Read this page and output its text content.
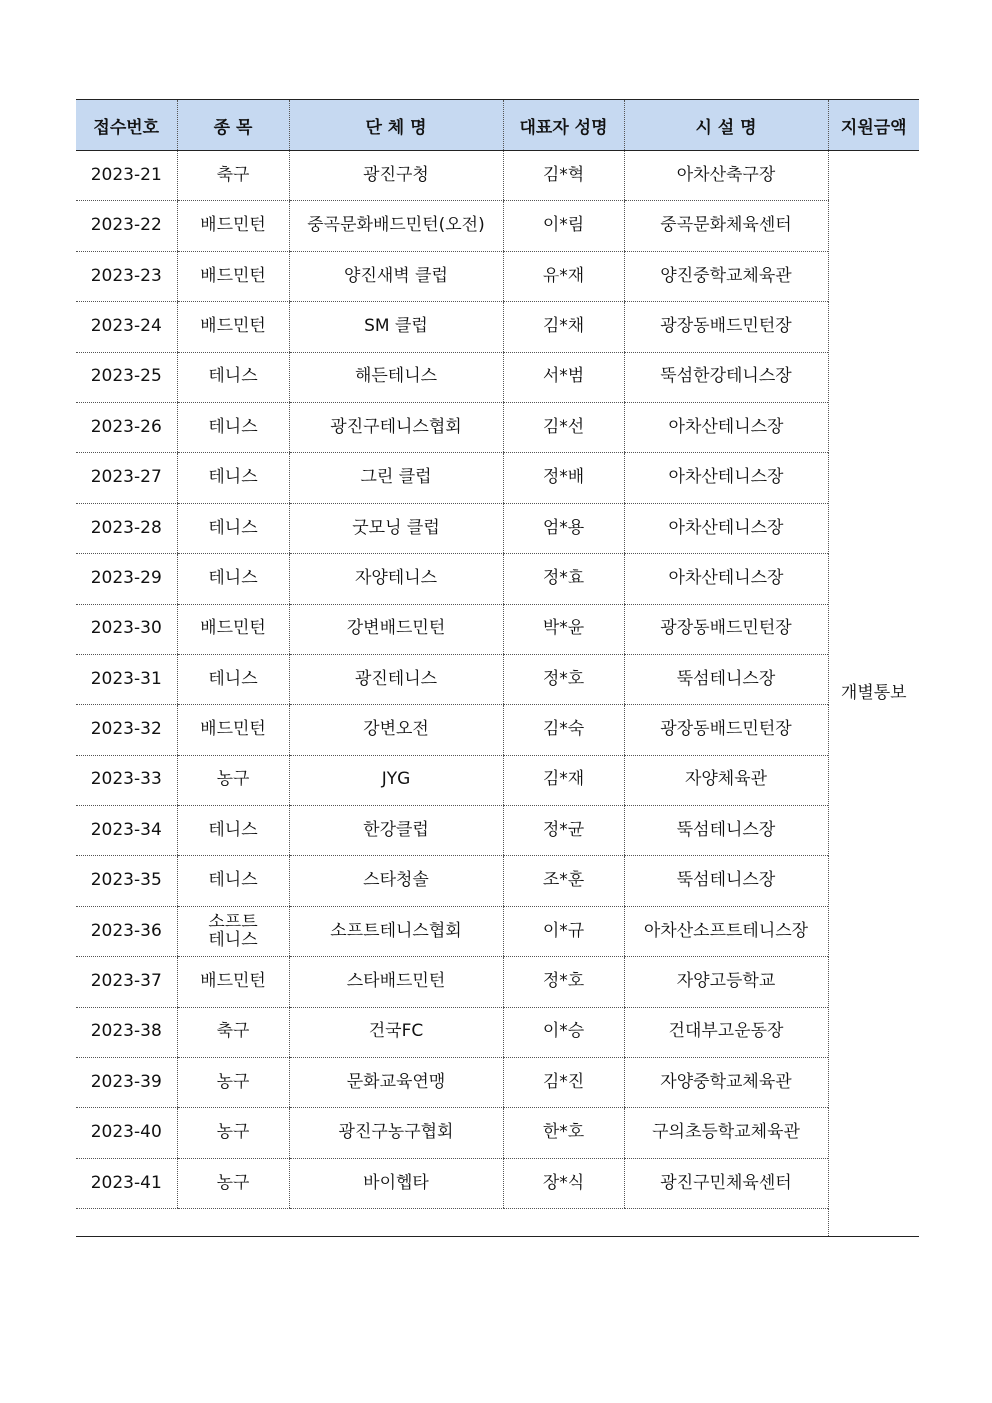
접수번호	종 목	단 체 명	대표자 성명	시 설 명	지원금액
2023-21	축구	광진구청	김*혁	아차산축구장	개별통보
2023-22	배드민턴	중곡문화배드민턴(오전)	이*림	중곡문화체육센터	
2023-23	배드민턴	양진새벽 클럽	유*재	양진중학교체육관	
2023-24	배드민턴	SM 클럽	김*채	광장동배드민턴장	
2023-25	테니스	해든테니스	서*범	뚝섬한강테니스장	
2023-26	테니스	광진구테니스협회	김*선	아차산테니스장	
2023-27	테니스	그린 클럽	정*배	아차산테니스장	
2023-28	테니스	굿모닝 클럽	엄*용	아차산테니스장	
2023-29	테니스	자양테니스	정*효	아차산테니스장	
2023-30	배드민턴	강변배드민턴	박*윤	광장동배드민턴장	
2023-31	테니스	광진테니스	정*호	뚝섬테니스장	
2023-32	배드민턴	강변오전	김*숙	광장동배드민턴장	
2023-33	농구	JYG	김*재	자양체육관	
2023-34	테니스	한강클럽	정*균	뚝섬테니스장	
2023-35	테니스	스타청솔	조*훈	뚝섬테니스장	
2023-36	소프트 테니스	소프트테니스협회	이*규	아차산소프트테니스장	
2023-37	배드민턴	스타배드민턴	정*호	자양고등학교	
2023-38	축구	건국FC	이*승	건대부고운동장	
2023-39	농구	문화교육연맹	김*진	자양중학교체육관	
2023-40	농구	광진구농구협회	한*호	구의초등학교체육관	
2023-41	농구	바이헵타	장*식	광진구민체육센터	
